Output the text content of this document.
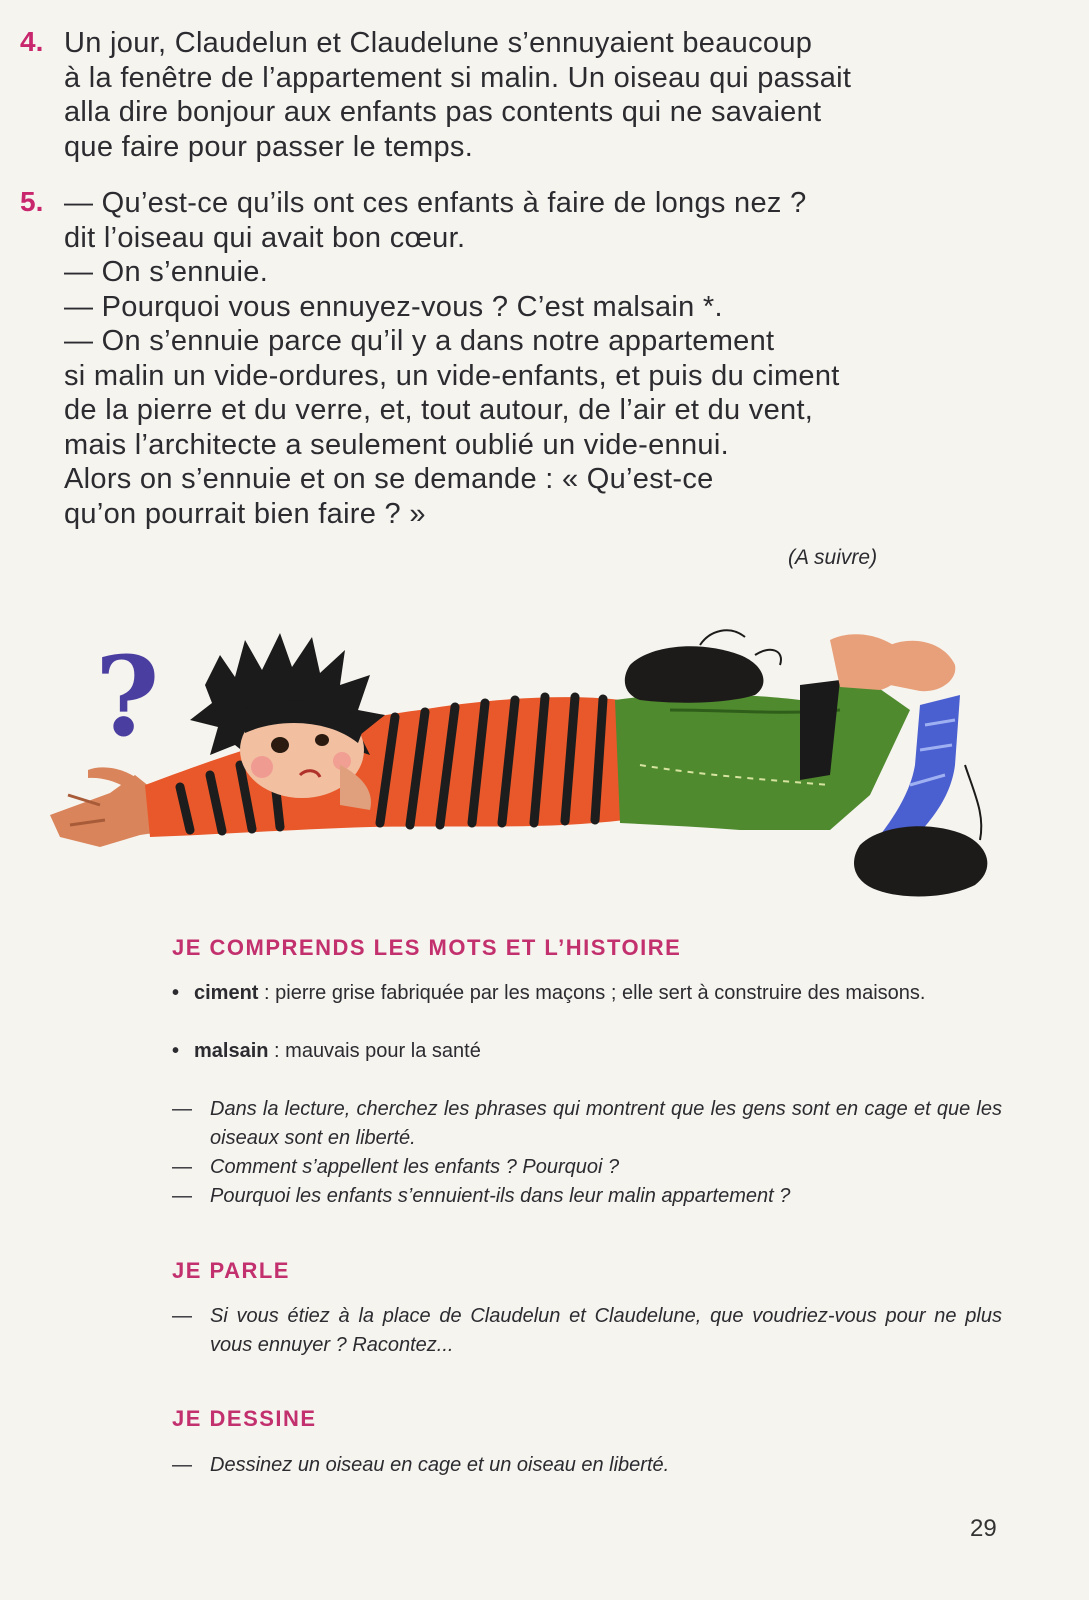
4. Un jour, Claudelun et Claudelune s’ennuyaient beaucoup
à la fenêtre de l’appartement si malin. Un oiseau qui passait
alla dire bonjour aux enfants pas contents qui ne savaient
que faire pour passer le temps.
5. — Qu’est-ce qu’ils ont ces enfants à faire de longs nez ?
dit l’oiseau qui avait bon cœur.
— On s’ennuie.
— Pourquoi vous ennuyez-vous ? C’est malsain *.
— On s’ennuie parce qu’il y a dans notre appartement
si malin un vide-ordures, un vide-enfants, et puis du ciment
de la pierre et du verre, et, tout autour, de l’air et du vent,
mais l’architecte a seulement oublié un vide-ennui.
Alors on s’ennuie et on se demande : « Qu’est-ce
qu’on pourrait bien faire ? »
(A suivre)
?
JE COMPRENDS LES MOTS ET L’HISTOIRE
• ciment : pierre grise fabriquée par les maçons ; elle sert à construire des maisons.
• malsain : mauvais pour la santé
— Dans la lecture, cherchez les phrases qui montrent que les gens sont en cage et que les oiseaux sont en liberté.
— Comment s’appellent les enfants ? Pourquoi ?
— Pourquoi les enfants s’ennuient-ils dans leur malin appartement ?
JE PARLE
— Si vous étiez à la place de Claudelun et Claudelune, que voudriez-vous pour ne plus vous ennuyer ? Racontez...
JE DESSINE
— Dessinez un oiseau en cage et un oiseau en liberté.
29
